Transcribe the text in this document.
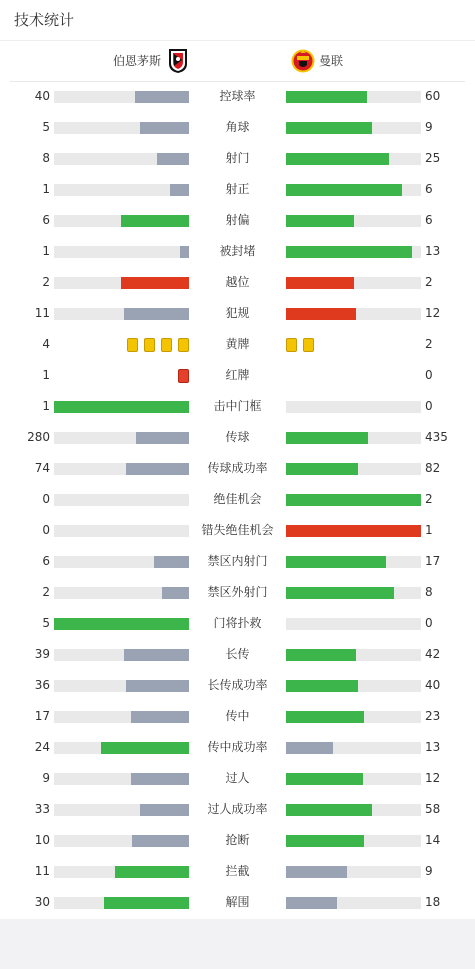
技术统计
伯恩茅斯	曼联
40	控球率	60
5	角球	9
8	射门	25
1	射正	6
6	射偏	6
1	被封堵	13
2	越位	2
11	犯规	12
4	黄牌	2
1	红牌	0
1	击中门框	0
280	传球	435
74	传球成功率	82
0	绝佳机会	2
0	错失绝佳机会	1
6	禁区内射门	17
2	禁区外射门	8
5	门将扑救	0
39	长传	42
36	长传成功率	40
17	传中	23
24	传中成功率	13
9	过人	12
33	过人成功率	58
10	抢断	14
11	拦截	9
30	解围	18
